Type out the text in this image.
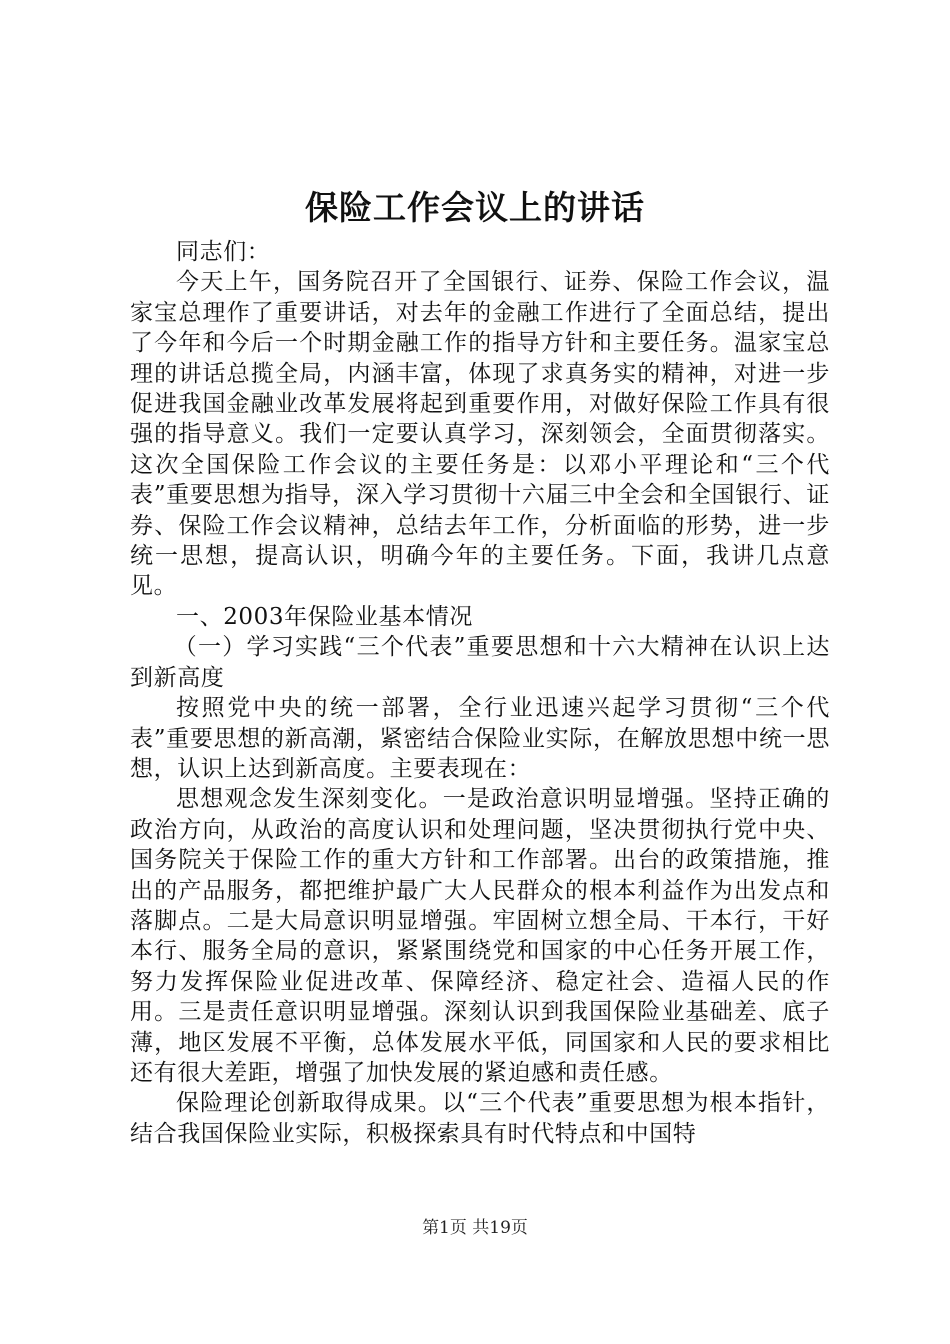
保险工作会议上的讲话

同志们：

今天上午，国务院召开了全国银行、证券、保险工作会议，温家宝总理作了重要讲话，对去年的金融工作进行了全面总结，提出了今年和今后一个时期金融工作的指导方针和主要任务。温家宝总理的讲话总揽全局，内涵丰富，体现了求真务实的精神，对进一步促进我国金融业改革发展将起到重要作用，对做好保险工作具有很强的指导意义。我们一定要认真学习，深刻领会，全面贯彻落实。这次全国保险工作会议的主要任务是：以邓小平理论和“三个代表”重要思想为指导，深入学习贯彻十六届三中全会和全国银行、证券、保险工作会议精神，总结去年工作，分析面临的形势，进一步统一思想，提高认识，明确今年的主要任务。下面，我讲几点意见。

一、2003年保险业基本情况

（一）学习实践“三个代表”重要思想和十六大精神在认识上达到新高度

按照党中央的统一部署，全行业迅速兴起学习贯彻“三个代表”重要思想的新高潮，紧密结合保险业实际，在解放思想中统一思想，认识上达到新高度。主要表现在：

思想观念发生深刻变化。一是政治意识明显增强。坚持正确的政治方向，从政治的高度认识和处理问题，坚决贯彻执行党中央、国务院关于保险工作的重大方针和工作部署。出台的政策措施，推出的产品服务，都把维护最广大人民群众的根本利益作为出发点和落脚点。二是大局意识明显增强。牢固树立想全局、干本行，干好本行、服务全局的意识，紧紧围绕党和国家的中心任务开展工作，努力发挥保险业促进改革、保障经济、稳定社会、造福人民的作用。三是责任意识明显增强。深刻认识到我国保险业基础差、底子薄，地区发展不平衡，总体发展水平低，同国家和人民的要求相比还有很大差距，增强了加快发展的紧迫感和责任感。

保险理论创新取得成果。以“三个代表”重要思想为根本指针，结合我国保险业实际，积极探索具有时代特点和中国特

第1页 共19页
